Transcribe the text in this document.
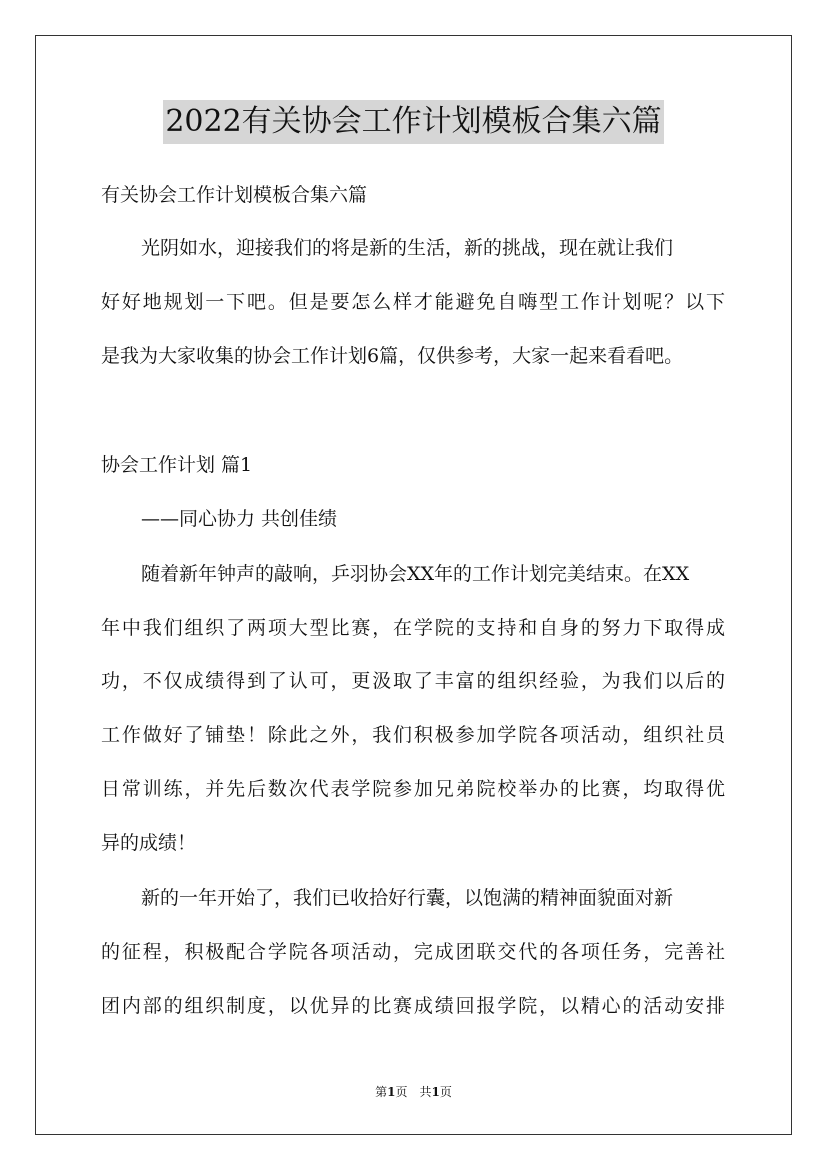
2022有关协会工作计划模板合集六篇
有关协会工作计划模板合集六篇
光阴如水，迎接我们的将是新的生活，新的挑战，现在就让我们
好好地规划一下吧。但是要怎么样才能避免自嗨型工作计划呢？以下
是我为大家收集的协会工作计划6篇，仅供参考，大家一起来看看吧。
协会工作计划 篇1
——同心协力 共创佳绩
随着新年钟声的敲响，乒羽协会XX年的工作计划完美结束。在XX
年中我们组织了两项大型比赛，在学院的支持和自身的努力下取得成
功，不仅成绩得到了认可，更汲取了丰富的组织经验，为我们以后的
工作做好了铺垫！除此之外，我们积极参加学院各项活动，组织社员
日常训练，并先后数次代表学院参加兄弟院校举办的比赛，均取得优
异的成绩！
新的一年开始了，我们已收拾好行囊，以饱满的精神面貌面对新
的征程，积极配合学院各项活动，完成团联交代的各项任务，完善社
团内部的组织制度，以优异的比赛成绩回报学院，以精心的活动安排
第1页 共1页
